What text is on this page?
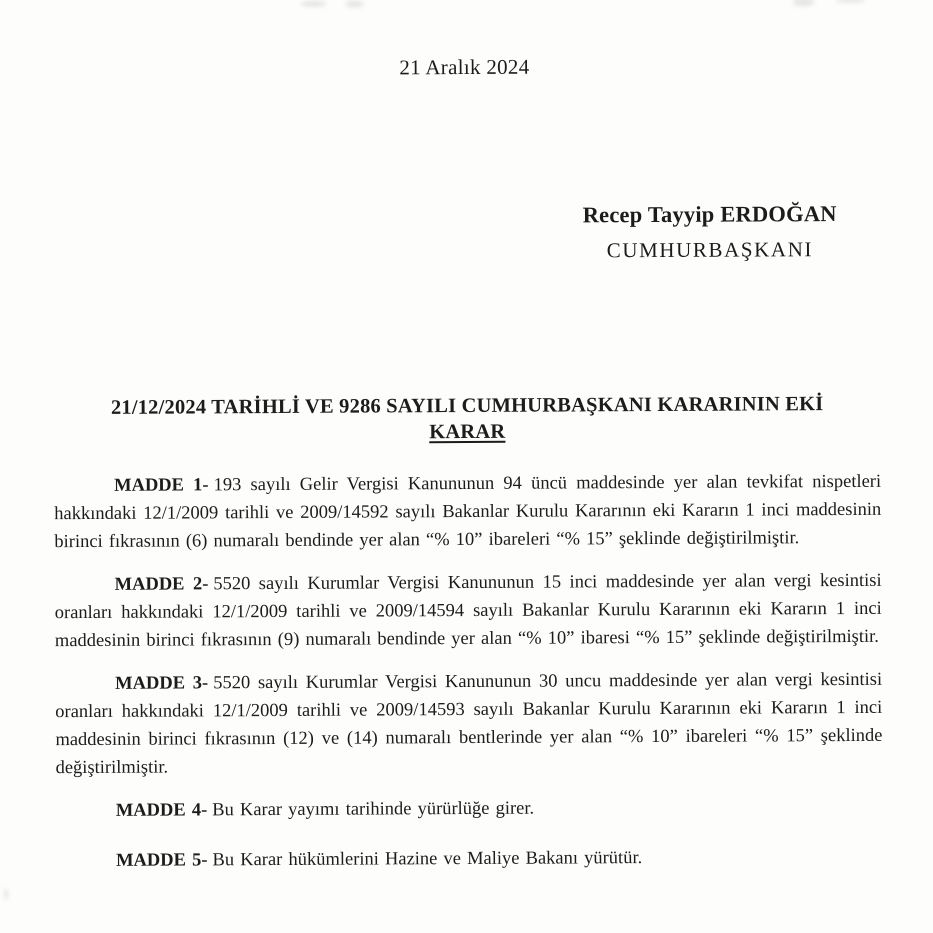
21 Aralık 2024
Recep Tayyip ERDOĞAN
CUMHURBAŞKANI
21/12/2024 TARİHLİ VE 9286 SAYILI CUMHURBAŞKANI KARARININ EKİ
KARAR

MADDE 1- 193 sayılı Gelir Vergisi Kanununun 94 üncü maddesinde yer alan tevkifat nispetleri hakkındaki 12/1/2009 tarihli ve 2009/14592 sayılı Bakanlar Kurulu Kararının eki Kararın 1 inci maddesinin birinci fıkrasının (6) numaralı bendinde yer alan “% 10” ibareleri “% 15” şeklinde değiştirilmiştir.

MADDE 2- 5520 sayılı Kurumlar Vergisi Kanununun 15 inci maddesinde yer alan vergi kesintisi oranları hakkındaki 12/1/2009 tarihli ve 2009/14594 sayılı Bakanlar Kurulu Kararının eki Kararın 1 inci maddesinin birinci fıkrasının (9) numaralı bendinde yer alan “% 10” ibaresi “% 15” şeklinde değiştirilmiştir.

MADDE 3- 5520 sayılı Kurumlar Vergisi Kanununun 30 uncu maddesinde yer alan vergi kesintisi oranları hakkındaki 12/1/2009 tarihli ve 2009/14593 sayılı Bakanlar Kurulu Kararının eki Kararın 1 inci maddesinin birinci fıkrasının (12) ve (14) numaralı bentlerinde yer alan “% 10” ibareleri “% 15” şeklinde değiştirilmiştir.

MADDE 4- Bu Karar yayımı tarihinde yürürlüğe girer.

MADDE 5- Bu Karar hükümlerini Hazine ve Maliye Bakanı yürütür.
